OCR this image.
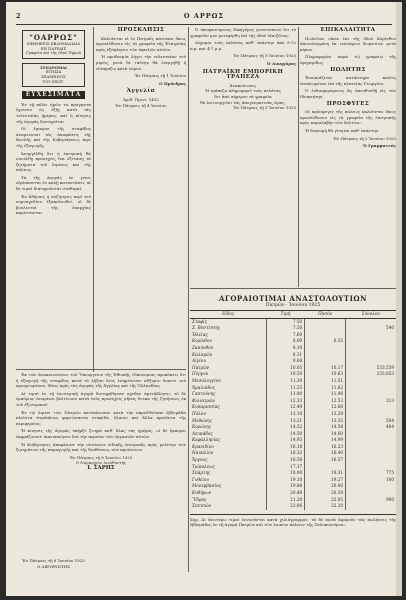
2	Ο ΑΡΡΩΣ
"ΟΑΡΡΩΣ"
ΕΦΗΜΕΡΙΣ ΕΒΔΟΜΑΔΙΑΙΑ
ΕΝ ΠΑΤΡΑΙΣ
Γραφεία ἐπί τῆς ὁδοῦ Ἑρμοῦ
ΣΥΝΔΡΟΜΑΙ
ΕΤΗΣΙΑ
ΕΞΑΜΗΝΟΣ
ΤΟΥ ΕΞΩΤ.
ΕΥΧΕΣΙΜΑΤΑ

Ἐν τῇ πόλει ἡμῶν τὰ πράγματα ἔχουσιν ὡς ἑξῆς κατὰ τὰς τελευταίας ἡμέρας, καὶ ἡ κίνησις τῆς ἀγορᾶς διατηρεῖται.

Οἱ ἔμποροι τῆς σταφίδος ἀναμένουσι τὰς ἀποφάσεις τῆς Βουλῆς καὶ τῆς Κυβερνήσεως περὶ τῆς ἐξαγωγῆς.

Ἀνηγγέλθη ὅτι ἡ ἐπιτροπὴ θὰ συνέλθῃ προσεχῶς ἵνα ἐξετάσῃ τὰ ζητήματα τοῦ λιμένος καὶ τῆς πόλεως.

Τὰ τῆς ἀγορᾶς ἐν γένει εὑρίσκονται ἐν καλῇ καταστάσει, αἱ δὲ τιμαὶ διατηροῦνται σταθεραί.

Ἐν Ἀθήναις ἡ συζήτησις περὶ τοῦ νομοσχεδίου ἐξακολουθεῖ, οἱ δὲ βουλευταὶ τῆς ἐπαρχίας παρίστανται.

ΠΡΟΣΚΛΗΣΙΣ

Καλοῦνται οἱ ἐν Πατραῖς κάτοικοι ὅπως προσέλθωσιν εἰς τὰ γραφεῖα τῆς Ἑταιρείας πρὸς ἐξόφλησιν τῶν ὀφειλῶν αὐτῶν.

Ἡ προθεσμία λήγει τὴν τελευταίαν τοῦ μηνὸς, μετὰ δὲ ταύτην θὰ ἐνεργηθῇ ἡ εἴσπραξις κατὰ νόμον.

Ἐν Πάτραις τῇ 1 Ἰουνίου

Ο Πρόεδρος
Ἀγγελία
Ἀριθ. Πρωτ. 1432
Ἐν Πάτραις τῇ 4 Ἰουνίου

Ὁ ὑποφαινόμενος δικηγόρος γνωστοποιῶ ὅτι τὸ γραφεῖόν μου μετεφέρθη ἐπὶ τῆς ὁδοῦ Μαιζῶνος.

Δέχομαι τοὺς πελάτας καθ' ἑκάστην ἀπὸ 9-12 π.μ. καὶ 4-7 μ.μ.

Ἐν Πάτραις τῇ 5 Ἰουνίου 1925

Ὁ Δικηγόρος
ΠΑΤΡΑΪΚΗ ΕΜΠΟΡΙΚΗ ΤΡΑΠΕΖΑ
Ἀνακοίνωσις
Ἡ τράπεζα πληροφορεῖ τοὺς πελάτας
ὅτι ἀπὸ σήμερον τὰ γραφεῖα
θὰ λειτουργῶσι τὰς ἀπογευματινὰς ὥρας.

Ἐν Πάτραις τῇ 3 Ἰουνίου 1925

ΕΠΙΚΑΛΑΙΤΗΤΑ

Πωλεῖται οἰκία ἐπὶ τῆς ὁδοῦ Κορίνθου ἀποτελουμένη ἐκ τεσσάρων δωματίων μετὰ κήπου.

Πληροφορίαι παρὰ τῷ γραφείῳ τῆς ἐφημερίδος.

ΠΩΛΗΤΗΣ

Ἐνοικιάζεται κατάστημα καλῶς ἐπιπλωμένον ἐπὶ τῆς πλατείας Γεωργίου.

Ὁ ἐνδιαφερόμενος ἂς ἀπευθυνθῇ εἰς τὸν ἰδιοκτήτην.

ΠΡΟΣΦΥΓΕΣ

Οἱ πρόσφυγες τῆς πόλεως καλοῦνται ὅπως προσέλθωσιν εἰς τὰ γραφεῖα τῆς ἐπιτροπῆς πρὸς παραλαβὴν τῶν δελτίων.

Ἡ διανομὴ θὰ γίνηται καθ' ἑκάστην.

Ἐν Πάτραις τῇ 2 Ἰουνίου 1925

Ὁ Γραμματεύς
ΑΓΟΡΑΙΟΤΙΜΑΙ ΑΝΑΣΤΟΛΟΥΤΙΩΝ
Πατρῶν · Ἰουνίου 1925
Εἶδος	Τιμὴ	Ποσὸν	Σύνολον
Σταφὶς	7.50		
Σ. Βοστίτσης	7.50		540
Ἡλείας	7.60		
Κορίνθου	8.00	6.55	
Ζακύνθου	8.10		
Καλαμῶν	8.31		
Αἰγίου	9.68		
Πατρῶν	10.05	10.17	533.539
Πύργου	10.50	10.63	233.853
Μεσολογγίου	11.30	11.51	
Ἀμαλιάδος	11.55	11.62	
Γαστούνης	11.80	11.96	
Φιλιατρῶν	12.33	12.53	213
Κυπαρισσίας	12.49	12.68	
Πύλου	13.10	13.29	
Μεθώνης	13.31	13.35	504
Κορώνης	14.52	14.58	404
Λευκάδος	14.50	14.60	
Κεφαλληνίας	14.93	14.99	
Κρανιδίου	16.18	16.23	
Ναυπλίου	16.32	16.40	
Ἄργους	16.50	16.57	
Τρίπολεως	17.17		
Σπάρτης	18.00	18.31	775
Γυθείου	19.10	19.27	100
Μονεμβασίας	19.88	20.00	
Κυθήρων	20.40	20.58	
Ὕδρας	21.20	22.05	900
Σπετσῶν	22.06	22.20	
Σημ. Αἱ ἀνωτέρω τιμαὶ ἐννοοῦνται κατὰ χιλιόγραμμον, τὰ δὲ ποσὰ ἀφοροῦν τὰς πωλήσεις τῆς ἑβδομάδος ἐν τῇ ἀγορᾷ Πατρῶν καὶ τῶν λοιπῶν πόλεων τῆς Πελοποννήσου.

Ἐκ τῶν ἀνακοινώσεων τοῦ Ὑπουργείου τῆς Ἐθνικῆς Οἰκονομίας προκύπτει ὅτι ἡ ἐξαγωγὴ τῆς σταφίδος κατὰ τὸ λῆξαν ἔτος ἐσημείωσεν αὔξησιν ἔναντι τοῦ προηγουμένου, ἰδίως πρὸς τὰς ἀγορὰς τῆς Ἀγγλίας καὶ τῆς Ὀλλανδίας.

Αἱ τιμαὶ ἐν τῇ ἐσωτερικῇ ἀγορᾷ διετηρήθησαν σχεδὸν ἀμετάβλητοι, τὸ δὲ ἐμπόριον ἀναμένει βελτίωσιν κατὰ τοὺς προσεχεῖς μῆνας ἕνεκα τῆς ζητήσεως ἐκ τοῦ ἐξωτερικοῦ.

Ἐν τῷ λιμένι τῶν Πατρῶν κατέπλευσαν κατὰ τὴν παρελθοῦσαν ἑβδομάδα πλεῖστα ἀτμόπλοια φορτώσαντα σταφίδα, ἔλαιον καὶ ἄλλα προϊόντα τῆς περιφερείας.

Ἡ κίνησις τῆς ἀγορᾶς ὑπῆρξε ζωηρὰ καθ' ὅλας τὰς ἡμέρας, οἱ δὲ ἔμποροι ἐκφράζουσιν ἱκανοποίησιν διὰ τὴν πορείαν τῶν ἐργασιῶν αὐτῶν.

Ἡ Κυβέρνησις ἀπεφάσισε τὴν σύστασιν εἰδικῆς ἐπιτροπῆς πρὸς μελέτην τῶν ζητημάτων τῆς παραγωγῆς καὶ τῆς διαθέσεως τῶν προϊόντων.

Ἐν Πάτραις τῇ 6 Ἰουνίου 1925
Ο Νομαρχών Διευθυντής
Ι. ΣΑΡΗΣ
Ἐν Πάτραις τῇ 6 Ἰουνίου 1925
Ο ΔΙΕΥΘΥΝΤΗΣ
